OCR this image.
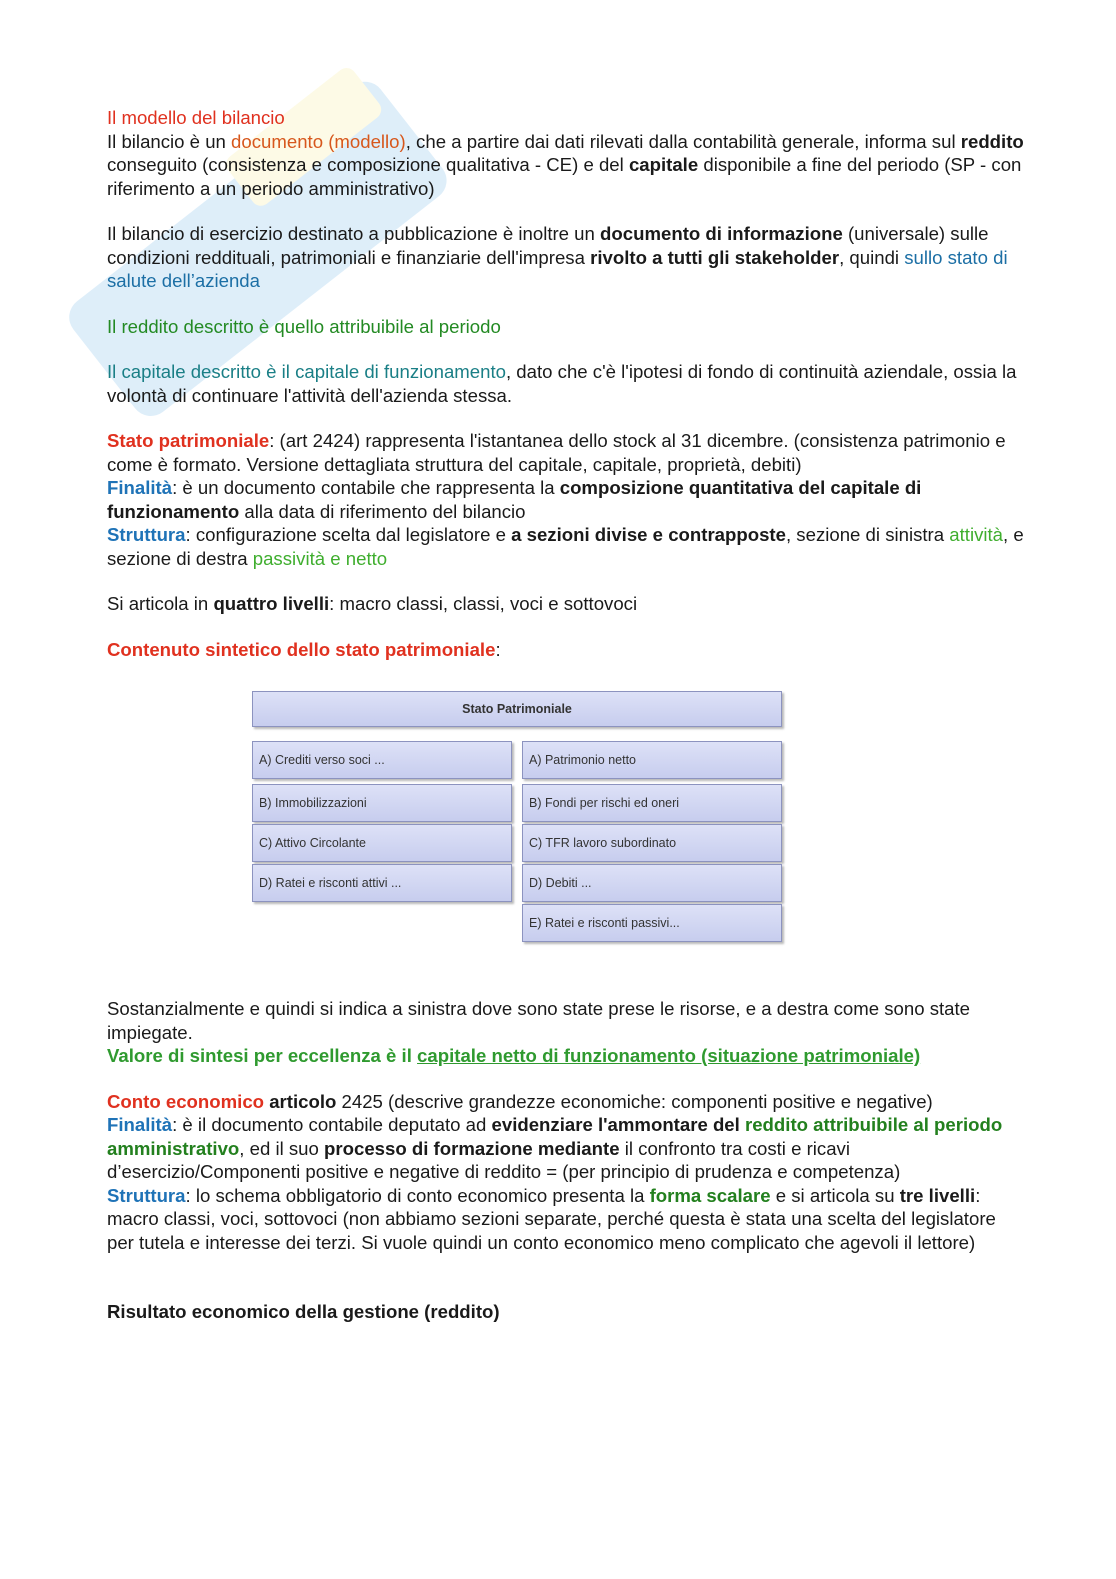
Il modello del bilancio

Il bilancio è un documento (modello), che a partire dai dati rilevati dalla contabilità generale, informa sul reddito conseguito (consistenza e composizione qualitativa - CE) e del capitale disponibile a fine del periodo (SP - con riferimento a un periodo amministrativo)

Il bilancio di esercizio destinato a pubblicazione è inoltre un documento di informazione (universale) sulle condizioni reddituali, patrimoniali e finanziarie dell'impresa rivolto a tutti gli stakeholder, quindi sullo stato di salute dell’azienda

Il reddito descritto è quello attribuibile al periodo

Il capitale descritto è il capitale di funzionamento, dato che c'è l'ipotesi di fondo di continuità aziendale, ossia la volontà di continuare l'attività dell'azienda stessa.

Stato patrimoniale: (art 2424) rappresenta l'istantanea dello stock al 31 dicembre. (consistenza patrimonio e come è formato. Versione dettagliata struttura del capitale, capitale, proprietà, debiti)

Finalità: è un documento contabile che rappresenta la composizione quantitativa del capitale di funzionamento alla data di riferimento del bilancio

Struttura: configurazione scelta dal legislatore e a sezioni divise e contrapposte, sezione di sinistra attività, e sezione di destra passività e netto

Si articola in quattro livelli: macro classi, classi, voci e sottovoci

Contenuto sintetico dello stato patrimoniale:

Stato Patrimoniale
A) Crediti verso soci ...
B) Immobilizzazioni
C) Attivo Circolante
D) Ratei e risconti attivi ...
A) Patrimonio netto
B) Fondi per rischi ed oneri
C) TFR lavoro subordinato
D) Debiti ...
E) Ratei e risconti passivi...

Sostanzialmente e quindi si indica a sinistra dove sono state prese le risorse, e a destra come sono state impiegate.

Valore di sintesi per eccellenza è il capitale netto di funzionamento (situazione patrimoniale)

Conto economico articolo 2425 (descrive grandezze economiche: componenti positive e negative)

Finalità: è il documento contabile deputato ad evidenziare l'ammontare del reddito attribuibile al periodo amministrativo, ed il suo processo di formazione mediante il confronto tra costi e ricavi d’esercizio/Componenti positive e negative di reddito = (per principio di prudenza e competenza)

Struttura: lo schema obbligatorio di conto economico presenta la forma scalare e si articola su tre livelli: macro classi, voci, sottovoci (non abbiamo sezioni separate, perché questa è stata una scelta del legislatore per tutela e interesse dei terzi. Si vuole quindi un conto economico meno complicato che agevoli il lettore)

Risultato economico della gestione (reddito)
